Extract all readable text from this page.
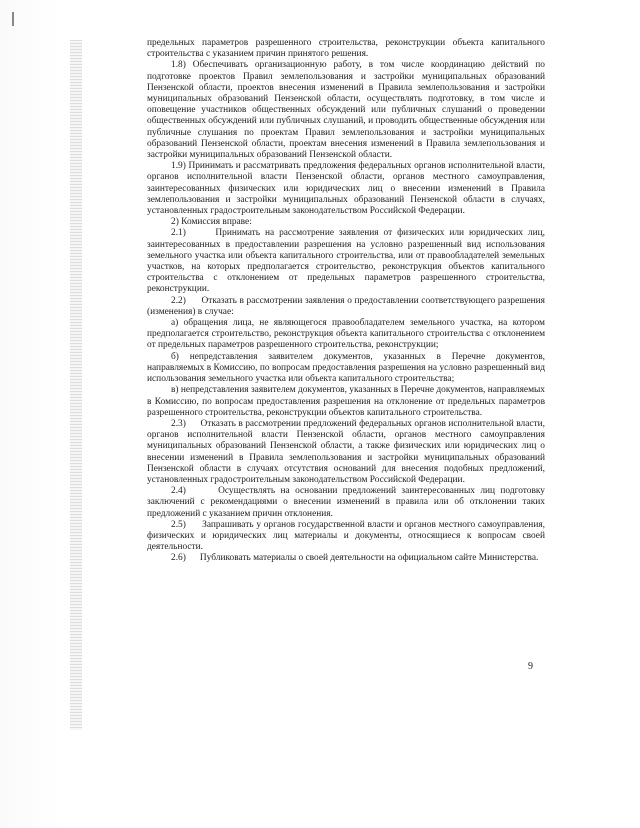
предельных параметров разрешенного строительства, реконструкции объекта капитального строительства с указанием причин принятого решения.

1.8) Обеспечивать организационную работу, в том числе координацию действий по подготовке проектов Правил землепользования и застройки муниципальных образований Пензенской области, проектов внесения изменений в Правила землепользования и застройки муниципальных образований Пензенской области, осуществлять подготовку, в том числе и оповещение участников общественных обсуждений или публичных слушаний о проведении общественных обсуждений или публичных слушаний, и проводить общественные обсуждения или публичные слушания по проектам Правил землепользования и застройки муниципальных образований Пензенской области, проектам внесения изменений в Правила землепользования и застройки муниципальных образований Пензенской области.

1.9) Принимать и рассматривать предложения федеральных органов исполнительной власти, органов исполнительной власти Пензенской области, органов местного самоуправления, заинтересованных физических или юридических лиц о внесении изменений в Правила землепользования и застройки муниципальных образований Пензенской области в случаях, установленных градостроительным законодательством Российской Федерации.

2) Комиссия вправе:

2.1)      Принимать на рассмотрение заявления от физических или юридических лиц, заинтересованных в предоставлении разрешения на условно разрешенный вид использования земельного участка или объекта капитального строительства, или от правообладателей земельных участков, на которых предполагается строительство, реконструкция объектов капитального строительства с отклонением от предельных параметров разрешенного строительства, реконструкции.

2.2)      Отказать в рассмотрении заявления о предоставлении соответствующего разрешения (изменения) в случае:

а) обращения лица, не являющегося правообладателем земельного участка, на котором предполагается строительство, реконструкция объекта капитального строительства с отклонением от предельных параметров разрешенного строительства, реконструкции;

б) непредставления заявителем документов, указанных в Перечне документов, направляемых в Комиссию, по вопросам предоставления разрешения на условно разрешенный вид использования земельного участка или объекта капитального строительства;

в) непредставления заявителем документов, указанных в Перечне документов, направляемых в Комиссию, по вопросам предоставления разрешения на отклонение от предельных параметров разрешенного строительства, реконструкции объектов капитального строительства.

2.3)      Отказать в рассмотрении предложений федеральных органов исполнительной власти, органов исполнительной власти Пензенской области, органов местного самоуправления муниципальных образований Пензенской области, а также физических или юридических лиц о внесении изменений в Правила землепользования и застройки муниципальных образований Пензенской области в случаях отсутствия оснований для внесения подобных предложений, установленных градостроительным законодательством Российской Федерации.

2.4)      Осуществлять на основании предложений заинтересованных лиц подготовку заключений с рекомендациями о внесении изменений в правила или об отклонении таких предложений с указанием причин отклонения.

2.5)      Запрашивать у органов государственной власти и органов местного самоуправления, физических и юридических лиц материалы и документы, относящиеся к вопросам своей деятельности.

2.6)      Публиковать материалы о своей деятельности на официальном сайте Министерства.

9
